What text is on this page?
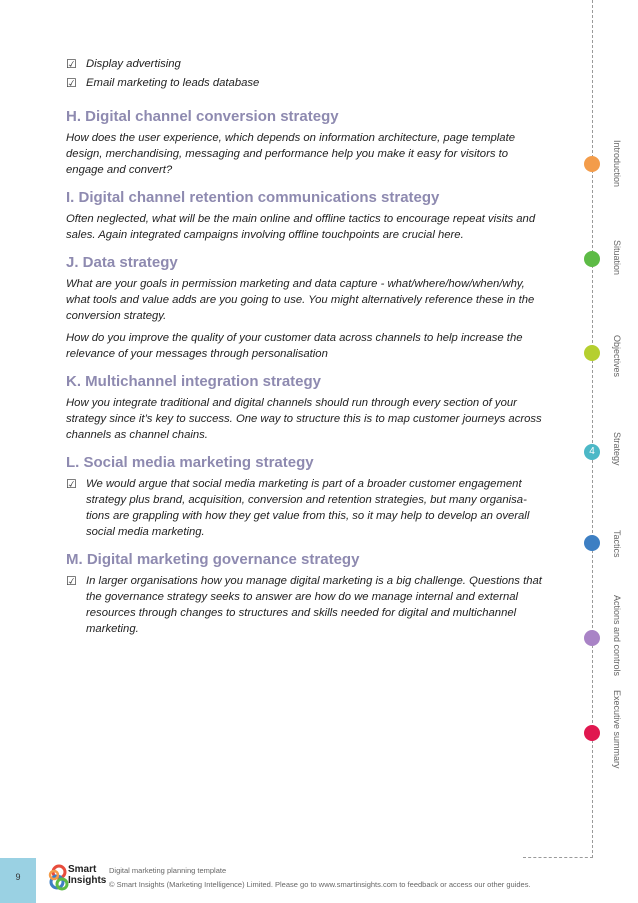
☑ Display advertising
☑ Email marketing to leads database
H. Digital channel conversion strategy

How does the user experience, which depends on information architecture, page template design, merchandising, messaging and performance help you make it easy for visitors to engage and convert?

I. Digital channel retention communications strategy

Often neglected, what will be the main online and offline tactics to encourage repeat visits and sales. Again integrated campaigns involving offline touchpoints are crucial here.

J. Data strategy

What are your goals in permission marketing and data capture - what/where/how/when/why, what tools and value adds are you going to use. You might alternatively reference these in the conversion strategy.

How do you improve the quality of your customer data across channels to help increase the relevance of your messages through personalisation

K. Multichannel integration strategy

How you integrate traditional and digital channels should run through every section of your strategy since it’s key to success. One way to structure this is to map customer journeys across channels as channel chains.

L. Social media marketing strategy
☑ We would argue that social media marketing is part of a broader customer engagement strategy plus brand, acquisition, conversion and retention strategies, but many organisa-tions are grappling with how they get value from this, so it may help to develop an overall social media marketing.
M. Digital marketing governance strategy
☑ In larger organisations how you manage digital marketing is a big challenge. Questions that the governance strategy seeks to answer are how do we manage internal and external resources through changes to structures and skills needed for digital and multichannel marketing.
4
Introduction
Situation
Objectives
Strategy
Tactics
Actions and controls
Executive summary
9
Smart
Insights
Digital marketing planning template
© Smart Insights (Marketing Intelligence) Limited. Please go to www.smartinsights.com to feedback or access our other guides.
